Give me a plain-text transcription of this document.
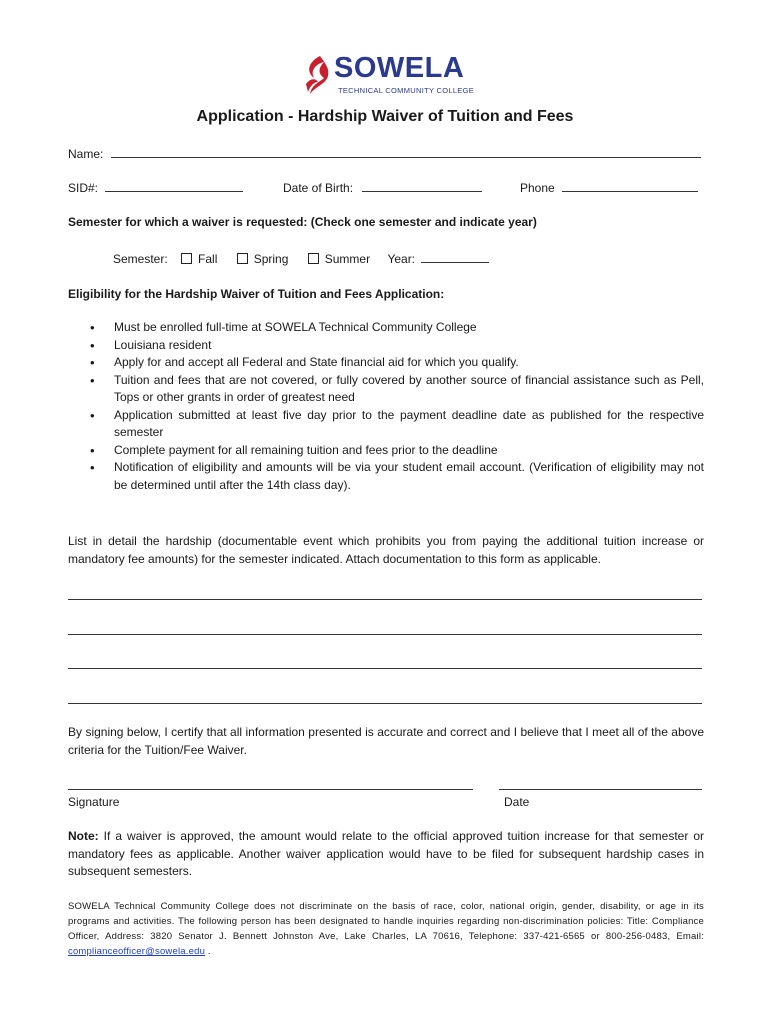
SOWELA
TECHNICAL COMMUNITY COLLEGE
Application - Hardship Waiver of Tuition and Fees
Name:
SID#:	Date of Birth:	Phone
Semester for which a waiver is requested: (Check one semester and indicate year)
Semester:	Fall	Spring	Summer Year:
Eligibility for the Hardship Waiver of Tuition and Fees Application:
• Must be enrolled full-time at SOWELA Technical Community College
• Louisiana resident
• Apply for and accept all Federal and State financial aid for which you qualify.
• Tuition and fees that are not covered, or fully covered by another source of financial assistance such as Pell, Tops or other grants in order of greatest need
• Application submitted at least five day prior to the payment deadline date as published for the respective semester
• Complete payment for all remaining tuition and fees prior to the deadline
• Notification of eligibility and amounts will be via your student email account. (Verification of eligibility may not be determined until after the 14th class day).
List in detail the hardship (documentable event which prohibits you from paying the additional tuition increase or mandatory fee amounts) for the semester indicated. Attach documentation to this form as applicable.
By signing below, I certify that all information presented is accurate and correct and I believe that I meet all of the above criteria for the Tuition/Fee Waiver.
Signature	Date
Note: If a waiver is approved, the amount would relate to the official approved tuition increase for that semester or mandatory fees as applicable. Another waiver application would have to be filed for subsequent hardship cases in subsequent semesters.
SOWELA Technical Community College does not discriminate on the basis of race, color, national origin, gender, disability, or age in its programs and activities. The following person has been designated to handle inquiries regarding non-discrimination policies: Title: Compliance Officer, Address: 3820 Senator J. Bennett Johnston Ave, Lake Charles, LA 70616, Telephone: 337-421-6565 or 800-256-0483, Email: complianceofficer@sowela.edu .
